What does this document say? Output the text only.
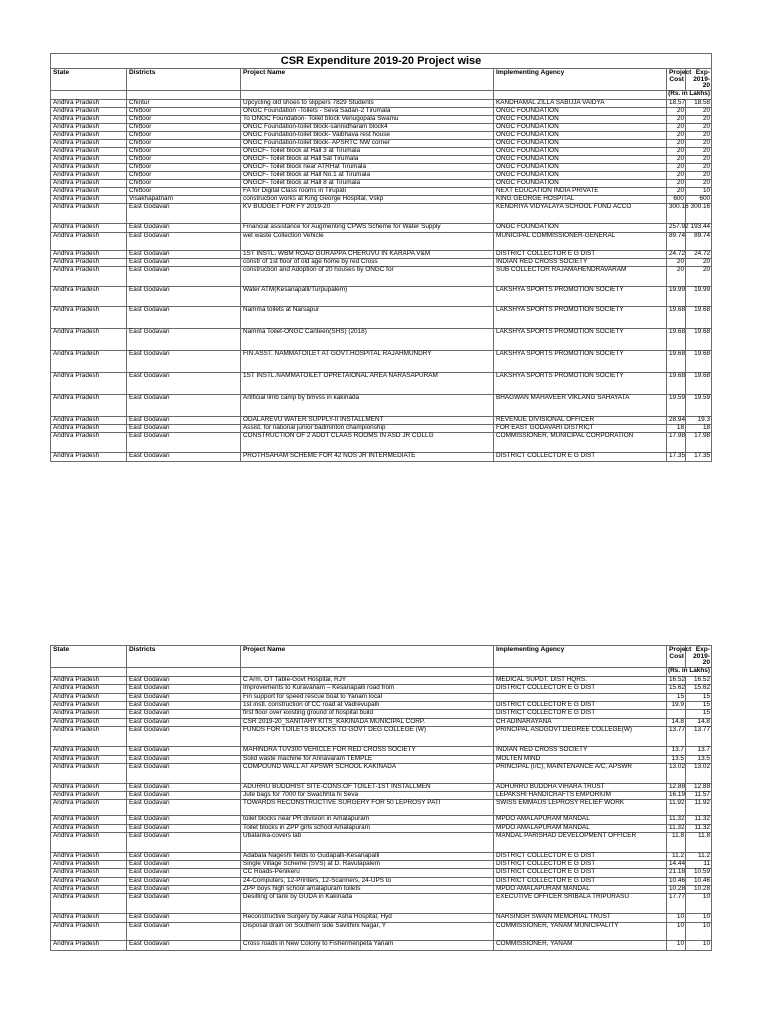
CSR Expenditure 2019-20 Project wise					
State	Districts	Project Name	Implementing Agency	Project Cost	Exp- 2019-20
				(Rs. in Lakhs)	
Andhra Pradesh	Chintur	Upcycling old shoes to slippers 7829 Students	KANDHAMAL ZILLA SABUJA VAIDYA	18.57	18.58
Andhra Pradesh	Chittoor	ONGC Foundation -Toilets - Seva Sadan-2 Tirumala	ONGC FOUNDATION	20	20
Andhra Pradesh	Chittoor	To ONGC Foundation- Toilet block Venugopala Swamu	ONGC FOUNDATION	20	20
Andhra Pradesh	Chittoor	ONGC Foundation-toilet block-sannidharam block4	ONGC FOUNDATION	20	20
Andhra Pradesh	Chittoor	ONGC Foundation-toilet block- Vaibhava rest house	ONGC FOUNDATION	20	20
Andhra Pradesh	Chittoor	ONGC Foundation-toilet block- APSRTC NW corner	ONGC FOUNDATION	20	20
Andhra Pradesh	Chittoor	ONGCF- Toilet block at Hall 3 at Tirumala	ONGC FOUNDATION	20	20
Andhra Pradesh	Chittoor	ONGCF- Toilet block at Hall 5at Tirumala	ONGC FOUNDATION	20	20
Andhra Pradesh	Chittoor	ONGCF- Toilet block near ATRHat Tirumala	ONGC FOUNDATION	20	20
Andhra Pradesh	Chittoor	ONGCF- Toilet block at Hall No.1 at Tirumala	ONGC FOUNDATION	20	20
Andhra Pradesh	Chittoor	ONGCF- Toilet block at Hall 8 at Tirumala	ONGC FOUNDATION	20	20
Andhra Pradesh	Chittoor	FA for Digital Class rooms in Tirupati	NEXT EDUCATION INDIA PRIVATE	20	10
Andhra Pradesh	Visakhapatnam	construction works at King George Hospital, Vskp	KING GEORGE HOSPITAL	600	600
Andhra Pradesh	East Godavari	KV BUDGET FOR FY 2019-20	KENDRIYA VIDYALAYA SCHOOL FUND ACCO	300.16	300.16
Andhra Pradesh	East Godavari	Financial assistance for Augmenting CPWS Scheme for Water Supply	ONGC FOUNDATION	257.92	193.44
Andhra Pradesh	East Godavari	wet waste Collection Vehicle	MUNICIPAL COMMISSIONER-GENERAL	89.74	89.74
Andhra Pradesh	East Godavari	1ST INSTL. WBM ROAD GURAPPA CHERUVU IN KARAPA V&M	DISTRICT COLLECTOR E G DIST	24.72	24.72
Andhra Pradesh	East Godavari	constr of 1st floor of old age home by red Cross	INDIAN RED CROSS SOCIETY	20	20
Andhra Pradesh	East Godavari	construction and Adoption of 20 houses by ONGC for	SUB COLLECTOR RAJAMAHENDRAVARAM	20	20
Andhra Pradesh	East Godavari	Water ATM(Kesanapalli/Turpupalem)	LAKSHYA SPORTS PROMOTION SOCIETY	19.99	19.99
Andhra Pradesh	East Godavari	Namma toilets at Narsapur	LAKSHYA SPORTS PROMOTION SOCIETY	19.68	19.68
Andhra Pradesh	East Godavari	Namma Toilet-ONGC Canteen(SHS) (2018)	LAKSHYA SPORTS PROMOTION SOCIETY	19.68	19.68
Andhra Pradesh	East Godavari	FIN.ASST. NAMMATOILET AT GOVT.HOSPITAL RAJAHMUNDRY	LAKSHYA SPORTS PROMOTION SOCIETY	19.68	19.68
Andhra Pradesh	East Godavari	1ST INSTL.NAMMATOILET OPRETAIONAL AREA NARASAPURAM	LAKSHYA SPORTS PROMOTION SOCIETY	19.68	19.68
Andhra Pradesh	East Godavari	Artificial limb camp by bmvss in kakinada	BHAGWAN MAHAVEER VIKLANG SAHAYATA	19.59	19.59
Andhra Pradesh	East Godavari	ODALAREVU WATER SUPPLY-II INSTALLMENT	REVENUE DIVISIONAL OFFICER	28.94	19.3
Andhra Pradesh	East Godavari	Assist. for national junior badminton championship	FOR EAST GODAVARI DISTRICT	18	18
Andhra Pradesh	East Godavari	CONSTRUCTION OF 2 ADDT CLAAS ROOMS IN ASD JR COLLG	COMMISSIONER, MUNICIPAL CORPORATION	17.98	17.98
Andhra Pradesh	East Godavari	PROTHSAHAM SCHEME FOR 42 NOS JR INTERMEDIATE	DISTRICT COLLECTOR E G DIST	17.35	17.35
State	Districts	Project Name	Implementing Agency	Project Cost	Exp- 2019-20
				(Rs. in Lakhs)	
Andhra Pradesh	East Godavari	C Arm, OT Table-Govt Hospital, RJY	MEDICAL SUPDT. DIST HQRS.	16.52	16.52
Andhra Pradesh	East Godavari	Improvements to Kuravanam – Kesanapalli road from	DISTRICT COLLECTOR E G DIST	15.62	15.62
Andhra Pradesh	East Godavari	Fin support for speed rescue boat to Yanam local		15	15
Andhra Pradesh	East Godavari	1st instl. construction of CC road at Vadrevupalli	DISTRICT COLLECTOR E G DIST	19.9	15
Andhra Pradesh	East Godavari	first floor over existing ground of hospital build	DISTRICT COLLECTOR E G DIST		15
Andhra Pradesh	East Godavari	CSR 2019-20_SANITARY KITS_KAKINADA MUNICIPAL CORP.	CH ADINARAYANA	14.8	14.8
Andhra Pradesh	East Godavari	FUNDS FOR TOILETS BLOCKS TO GOVT DEG COLLEGE (W)	PRINCIPAL ASDGOVT.DEGREE COLLEGE(W)	13.77	13.77
Andhra Pradesh	East Godavari	MAHINDRA TUV300 VEHICLE FOR RED CROSS SOCIETY	INDIAN RED CROSS SOCIETY	13.7	13.7
Andhra Pradesh	East Godavari	Solid waste machine for Annavaram TEMPLE	MOLTEN MIND	13.5	13.5
Andhra Pradesh	East Godavari	COMPOUND WALL AT APSWR SCHOOL KAKINADA	PRINCIPAL (I/C), MAINTENANCE A/C, APSWR	13.02	13.02
Andhra Pradesh	East Godavari	ADURRU BUDDHIST SITE-CONS.OF TOILET-1ST INSTALLMEN	ADHURRU BUDDHA VIHARA TRUST	12.88	12.88
Andhra Pradesh	East Godavari	Jute bags for 7000 for Swachhta hi Seva	LEPAKSHI HANDICRAFTS EMPORIUM	16.19	11.57
Andhra Pradesh	East Godavari	TOWARDS RECONSTRUCTIVE SURGERY FOR 50 LEPROSY PATI	SWISS EMMAUS LEPROSY RELIEF WORK	11.92	11.92
Andhra Pradesh	East Godavari	toilet blocks near PR division in Amalapuram	MPDO AMALAPURAM MANDAL	11.32	11.32
Andhra Pradesh	East Godavari	Toilet blocks in ZPP girls school Amalapuram	MPDO AMALAPURAM MANDAL	11.32	11.32
Andhra Pradesh	East Godavari	Ubalanka-covers lab	MANDAL PARISHAD DEVELOPMENT OFFICER	11.8	11.8
Andhra Pradesh	East Godavari	Adabala Nageshi fields to Gudapalli-Kesanapalli	DISTRICT COLLECTOR E G DIST	11.2	11.2
Andhra Pradesh	East Godavari	Single Village Scheme (SVS) at D. Ravulapalem	DISTRICT COLLECTOR E G DIST	14.44	11
Andhra Pradesh	East Godavari	CC Roads-Penikeru	DISTRICT COLLECTOR E G DIST	21.18	10.59
Andhra Pradesh	East Godavari	24-Computers, 12-Printers, 12-Scanners, 24-UPS to	DISTRICT COLLECTOR E G DIST	10.46	10.46
Andhra Pradesh	East Godavari	ZPP boys high school amalapuram toilets	MPDO AMALAPURAM MANDAL	10.28	10.28
Andhra Pradesh	East Godavari	Desilting of tank by GUDA in Kakinada	EXECUTIVE OFFICER SRIBALA TRIPURASU	17.77	10
Andhra Pradesh	East Godavari	Reconstructive Surgery by Aakar Asha Hospital, Hyd	NARSINGH SWAIN MEMORIAL TRUST	10	10
Andhra Pradesh	East Godavari	Disposal drain on Southern side Savithini Nagar, Y	COMMISSIONER, YANAM MUNICIPALITY	10	10
Andhra Pradesh	East Godavari	Cross roads in New Colony to Fishermenpeta Yanam	COMMISSIONER, YANAM	10	10
